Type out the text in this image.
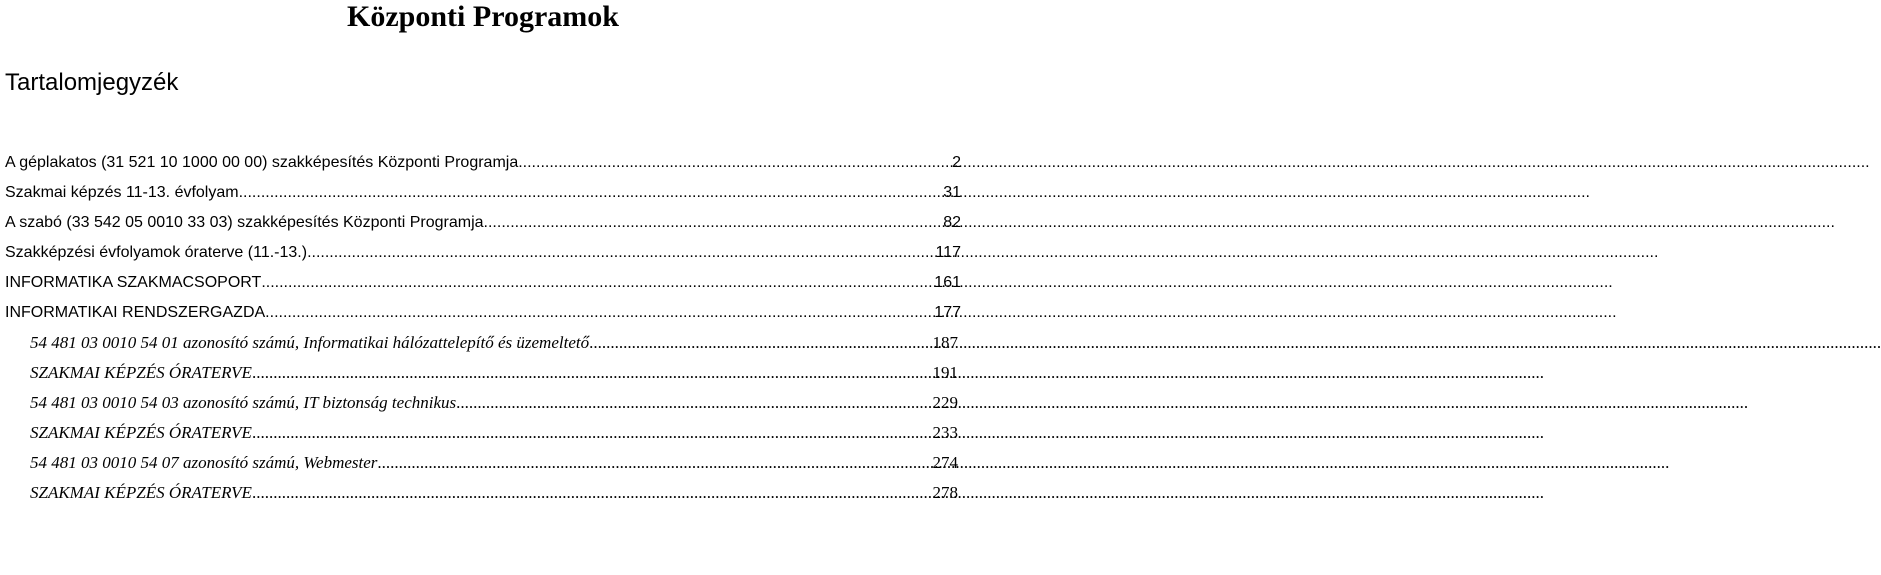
Központi Programok
Tartalomjegyzék
A géplakatos (31 521 10 1000 00 00) szakképesítés Központi Programja .....	2
Szakmai képzés 11-13. évfolyam .....	31
A szabó (33 542 05 0010 33 03) szakképesítés Központi Programja .....	82
Szakképzési évfolyamok óraterve (11.-13.) .....	117
INFORMATIKA SZAKMACSOPORT .....	161
INFORMATIKAI RENDSZERGAZDA .....	177
54 481 03 0010 54 01 azonosító számú, Informatikai hálózattelepítő és üzemeltető .....	187
SZAKMAI KÉPZÉS ÓRATERVE .....	191
54 481 03 0010 54 03 azonosító számú, IT biztonság technikus .....	229
SZAKMAI KÉPZÉS ÓRATERVE .....	233
54 481 03 0010 54 07 azonosító számú, Webmester .....	274
SZAKMAI KÉPZÉS ÓRATERVE .....	278
